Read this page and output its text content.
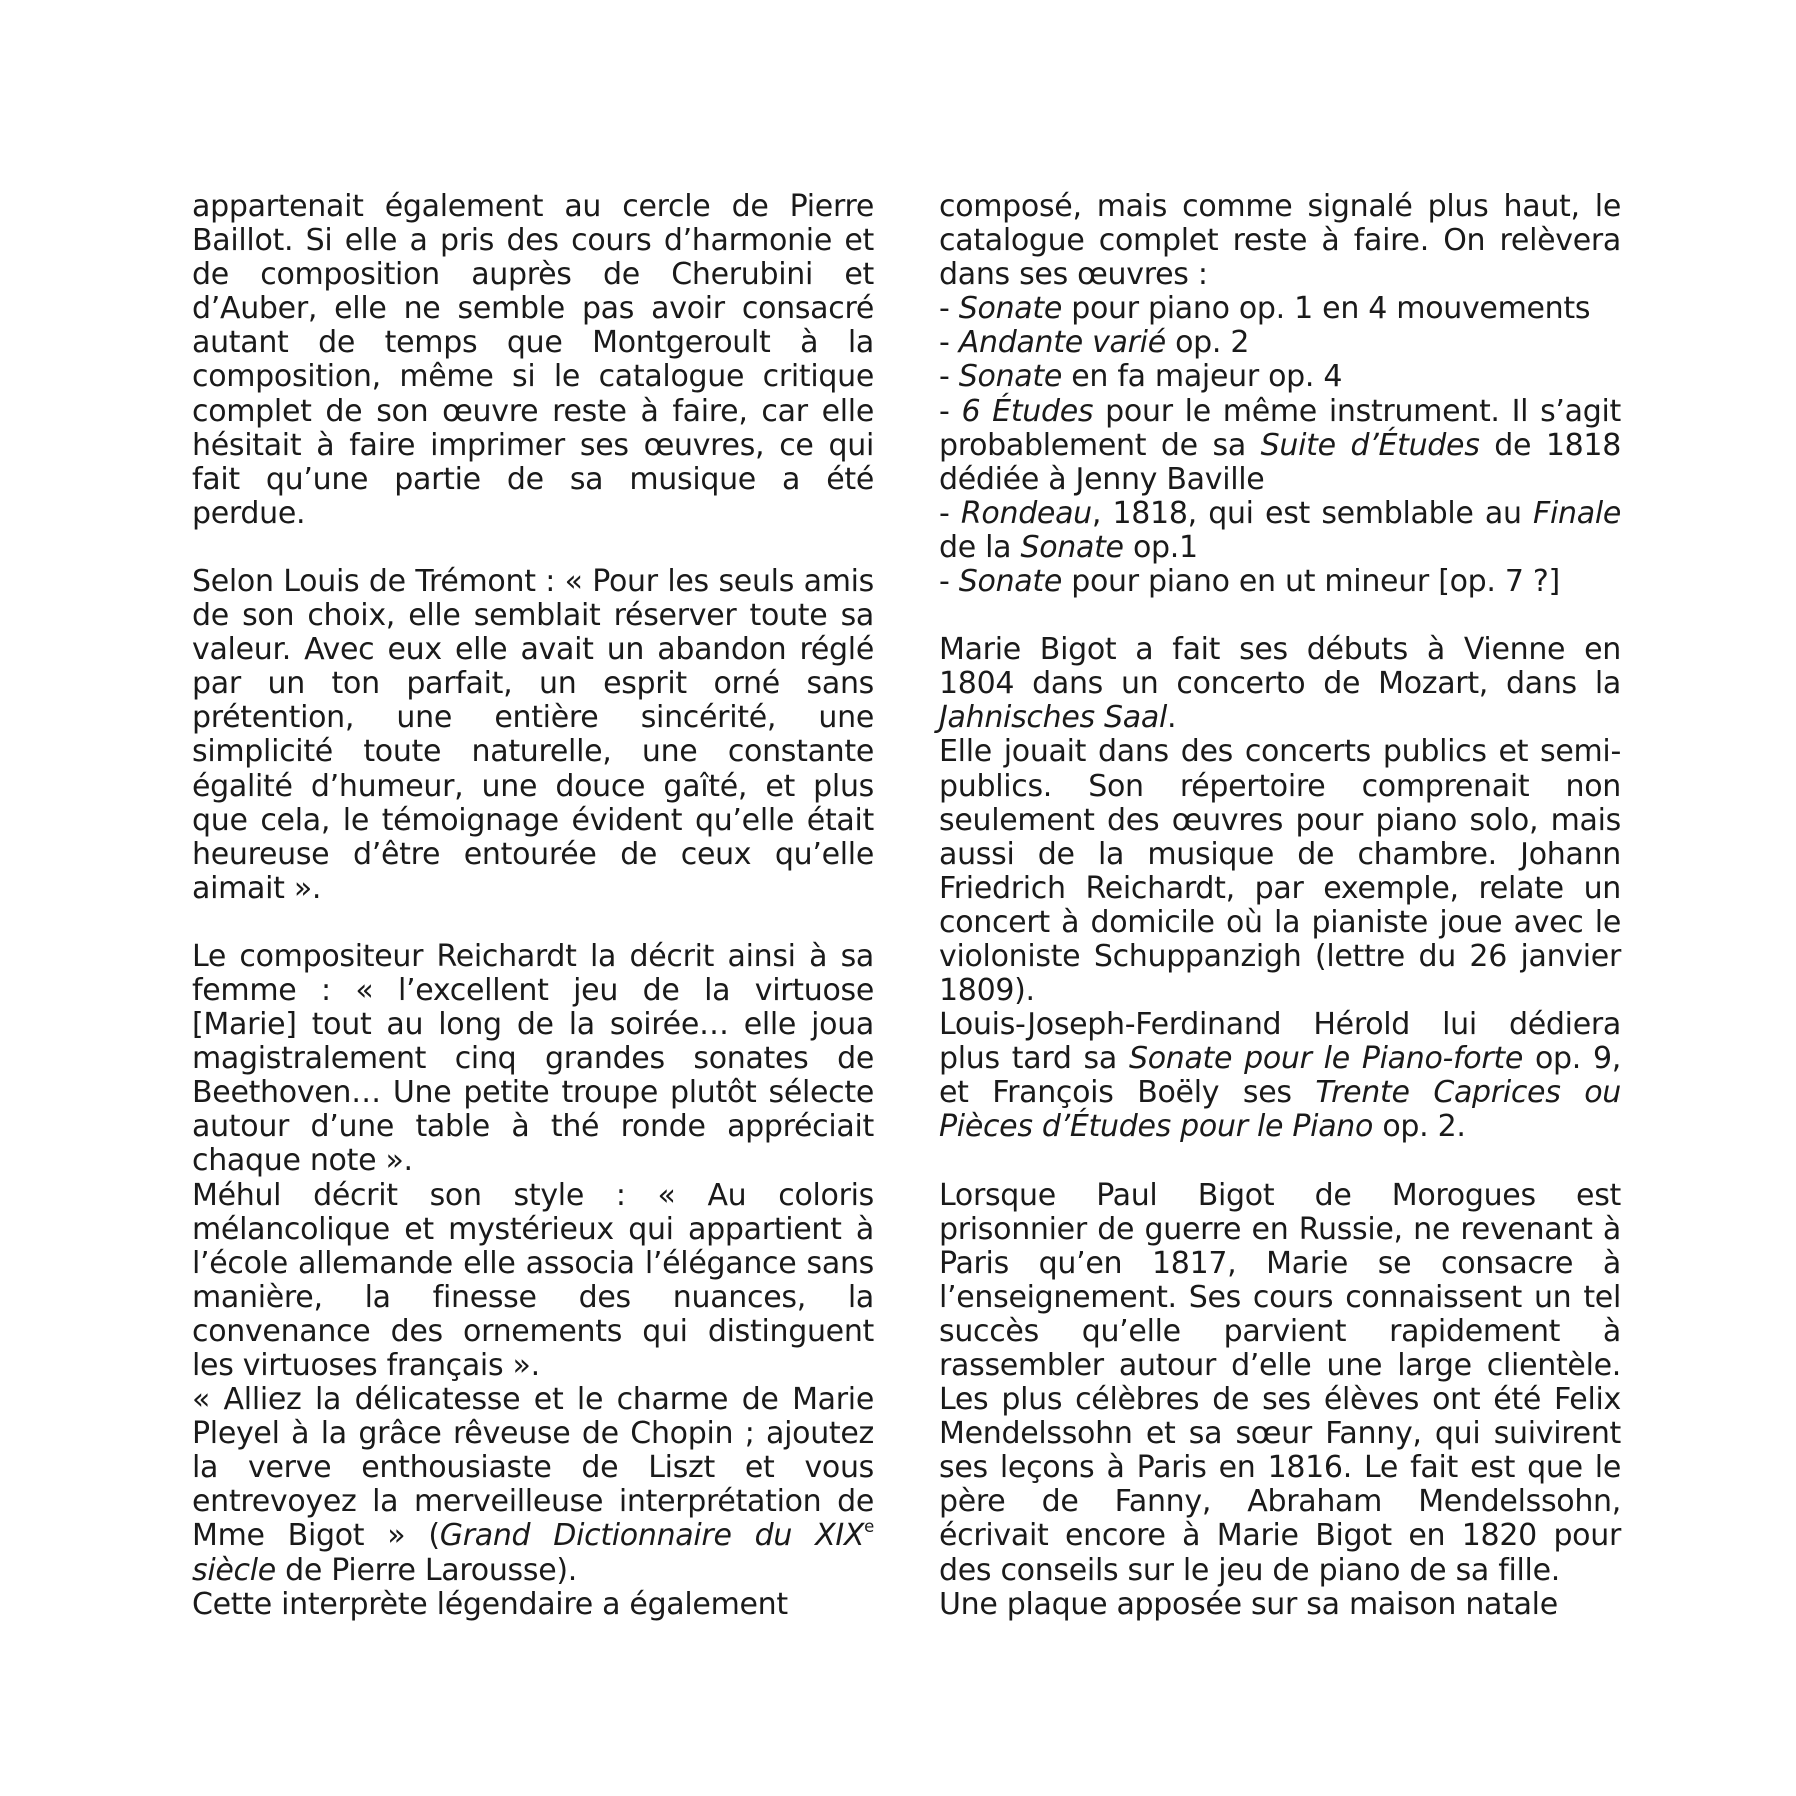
appartenait également au cercle de Pierre Baillot. Si elle a pris des cours d’harmonie et de composition auprès de Cherubini et d’Auber, elle ne semble pas avoir consacré autant de temps que Montgeroult à la composition, même si le catalogue critique complet de son œuvre reste à faire, car elle hésitait à faire imprimer ses œuvres, ce qui fait qu’une partie de sa musique a été perdue.

Selon Louis de Trémont : « Pour les seuls amis de son choix, elle semblait réserver toute sa valeur. Avec eux elle avait un abandon réglé par un ton parfait, un esprit orné sans prétention, une entière sincérité, une simplicité toute naturelle, une constante égalité d’humeur, une douce gaîté, et plus que cela, le témoignage évident qu’elle était heureuse d’être entourée de ceux qu’elle aimait ».

Le compositeur Reichardt la décrit ainsi à sa femme : « l’excellent jeu de la virtuose [Marie] tout au long de la soirée… elle joua magistralement cinq grandes sonates de Beethoven… Une petite troupe plutôt sélecte autour d’une table à thé ronde appréciait chaque note ».

Méhul décrit son style : « Au coloris mélancolique et mystérieux qui appartient à l’école allemande elle associa l’élégance sans manière, la finesse des nuances, la convenance des ornements qui distinguent les virtuoses français ».

« Alliez la délicatesse et le charme de Marie Pleyel à la grâce rêveuse de Chopin ; ajoutez la verve enthousiaste de Liszt et vous entrevoyez la merveilleuse interprétation de Mme Bigot » (Grand Dictionnaire du XIXe siècle de Pierre Larousse).

Cette interprète légendaire a également

composé, mais comme signalé plus haut, le catalogue complet reste à faire. On relèvera dans ses œuvres :

- Sonate pour piano op. 1 en 4 mouvements

- Andante varié op. 2

- Sonate en fa majeur op. 4

- 6 Études pour le même instrument. Il s’agit probablement de sa Suite d’Études de 1818 dédiée à Jenny Baville

- Rondeau, 1818, qui est semblable au Finale de la Sonate op.1

- Sonate pour piano en ut mineur [op. 7 ?]

Marie Bigot a fait ses débuts à Vienne en 1804 dans un concerto de Mozart, dans la Jahnisches Saal.

Elle jouait dans des concerts publics et semi-publics. Son répertoire comprenait non seulement des œuvres pour piano solo, mais aussi de la musique de chambre. Johann Friedrich Reichardt, par exemple, relate un concert à domicile où la pianiste joue avec le violoniste Schuppanzigh (lettre du 26 janvier 1809).

Louis-Joseph-Ferdinand Hérold lui dédiera plus tard sa Sonate pour le Piano-forte op. 9, et François Boëly ses Trente Caprices ou Pièces d’Études pour le Piano op. 2.

Lorsque Paul Bigot de Morogues est prisonnier de guerre en Russie, ne revenant à Paris qu’en 1817, Marie se consacre à l’enseignement. Ses cours connaissent un tel succès qu’elle parvient rapidement à rassembler autour d’elle une large clientèle. Les plus célèbres de ses élèves ont été Felix Mendelssohn et sa sœur Fanny, qui suivirent ses leçons à Paris en 1816. Le fait est que le père de Fanny, Abraham Mendelssohn, écrivait encore à Marie Bigot en 1820 pour des conseils sur le jeu de piano de sa fille.

Une plaque apposée sur sa maison natale
